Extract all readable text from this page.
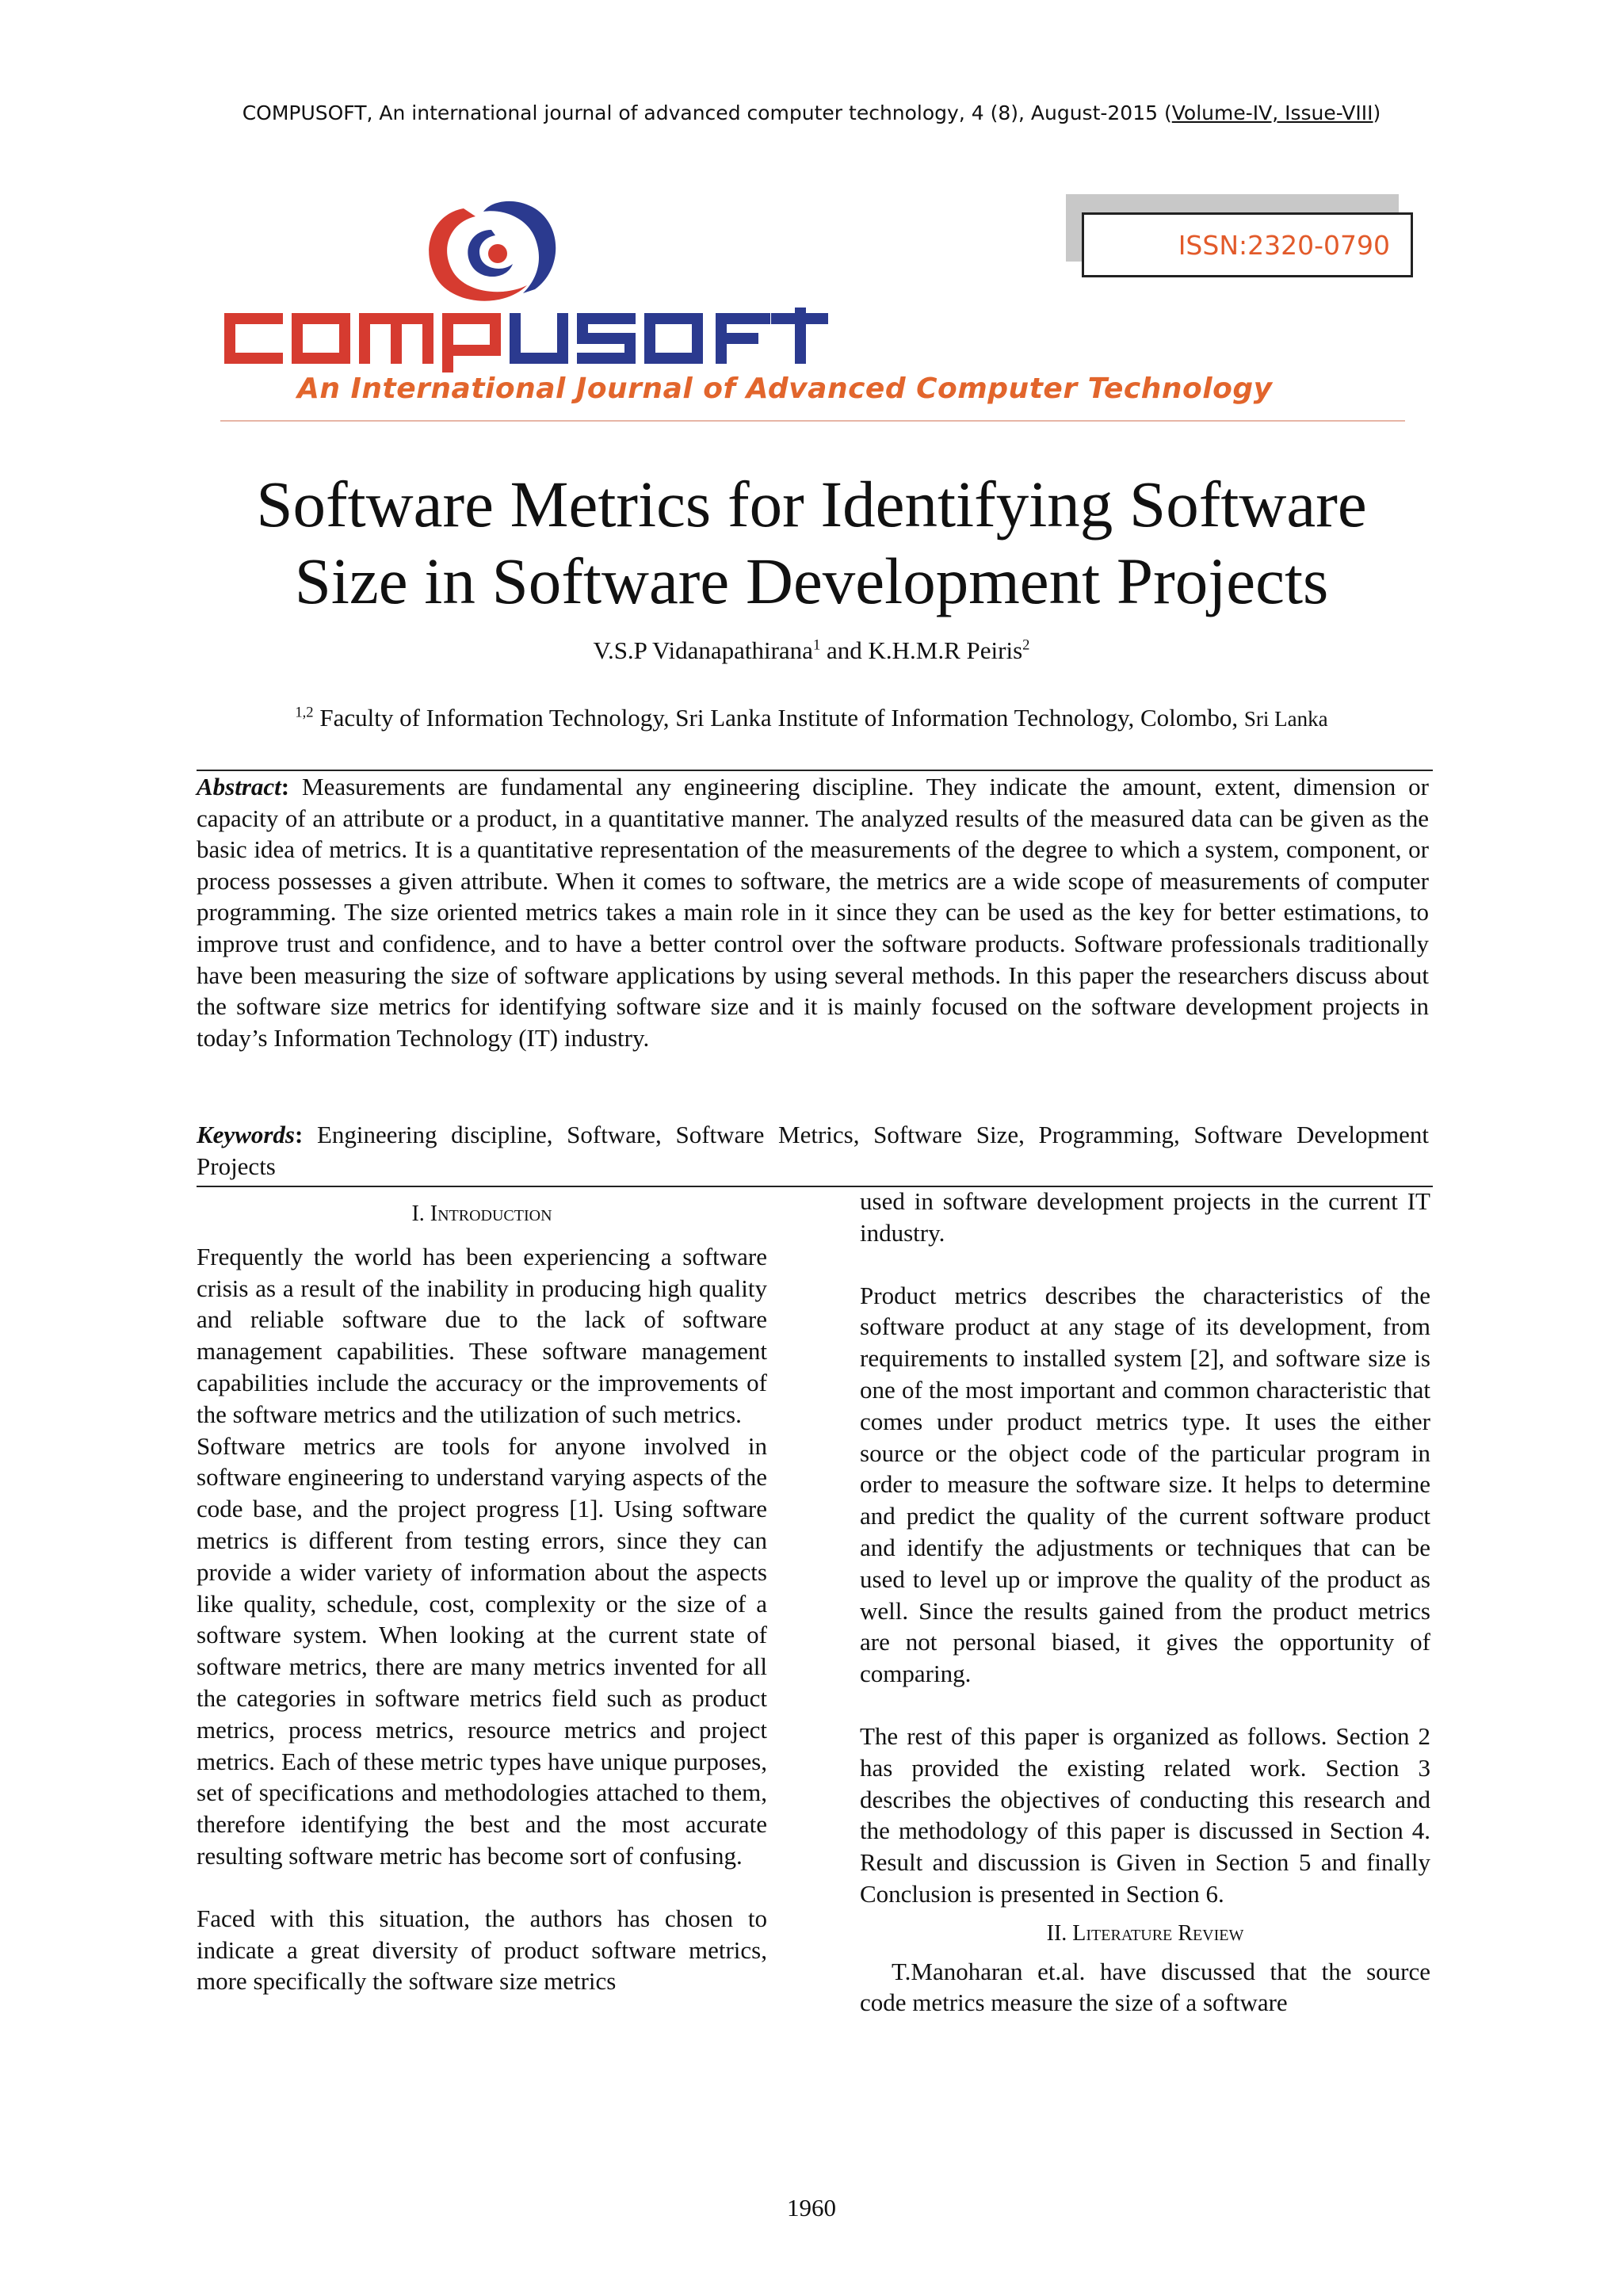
COMPUSOFT, An international journal of advanced computer technology, 4 (8), August-2015 (Volume-IV, Issue-VIII)
An International Journal of Advanced Computer Technology
ISSN:2320-0790
Software Metrics for Identifying Software
Size in Software Development Projects
V.S.P Vidanapathirana$^1$ and K.H.M.R Peiris$^2$
$^{1,2}$ Faculty of Information Technology, Sri Lanka Institute of Information Technology, Colombo, Sri Lanka
Abstract: Measurements are fundamental any engineering discipline. They indicate the amount, extent, dimension or capacity of an attribute or a product, in a quantitative manner. The analyzed results of the measured data can be given as the basic idea of metrics. It is a quantitative representation of the measurements of the degree to which a system, component, or process possesses a given attribute. When it comes to software, the metrics are a wide scope of measurements of computer programming. The size oriented metrics takes a main role in it since they can be used as the key for better estimations, to improve trust and confidence, and to have a better control over the software products. Software professionals traditionally have been measuring the size of software applications by using several methods. In this paper the researchers discuss about the software size metrics for identifying software size and it is mainly focused on the software development projects in today’s Information Technology (IT) industry.
Keywords: Engineering discipline, Software, Software Metrics, Software Size, Programming, Software Development Projects

I. Introduction

Frequently the world has been experiencing a software crisis as a result of the inability in producing high quality and reliable software due to the lack of software management capabilities. These software management capabilities include the accuracy or the improvements of the software metrics and the utilization of such metrics.

Software metrics are tools for anyone involved in software engineering to understand varying aspects of the code base, and the project progress [1]. Using software metrics is different from testing errors, since they can provide a wider variety of information about the aspects like quality, schedule, cost, complexity or the size of a software system. When looking at the current state of software metrics, there are many metrics invented for all the categories in software metrics field such as product metrics, process metrics, resource metrics and project metrics. Each of these metric types have unique purposes, set of specifications and methodologies attached to them, therefore identifying the best and the most accurate resulting software metric has become sort of confusing.

Faced with this situation, the authors has chosen to indicate a great diversity of product software metrics, more specifically the software size metrics

used in software development projects in the current IT industry.

Product metrics describes the characteristics of the software product at any stage of its development, from requirements to installed system [2], and software size is one of the most important and common characteristic that comes under product metrics type. It uses the either source or the object code of the particular program in order to measure the software size. It helps to determine and predict the quality of the current software product and identify the adjustments or techniques that can be used to level up or improve the quality of the product as well. Since the results gained from the product metrics are not personal biased, it gives the opportunity of comparing.

The rest of this paper is organized as follows. Section 2 has provided the existing related work. Section 3 describes the objectives of conducting this research and the methodology of this paper is discussed in Section 4. Result and discussion is Given in Section 5 and finally Conclusion is presented in Section 6.

II. Literature Review

T.Manoharan et.al. have discussed that the source code metrics measure the size of a software

1960
